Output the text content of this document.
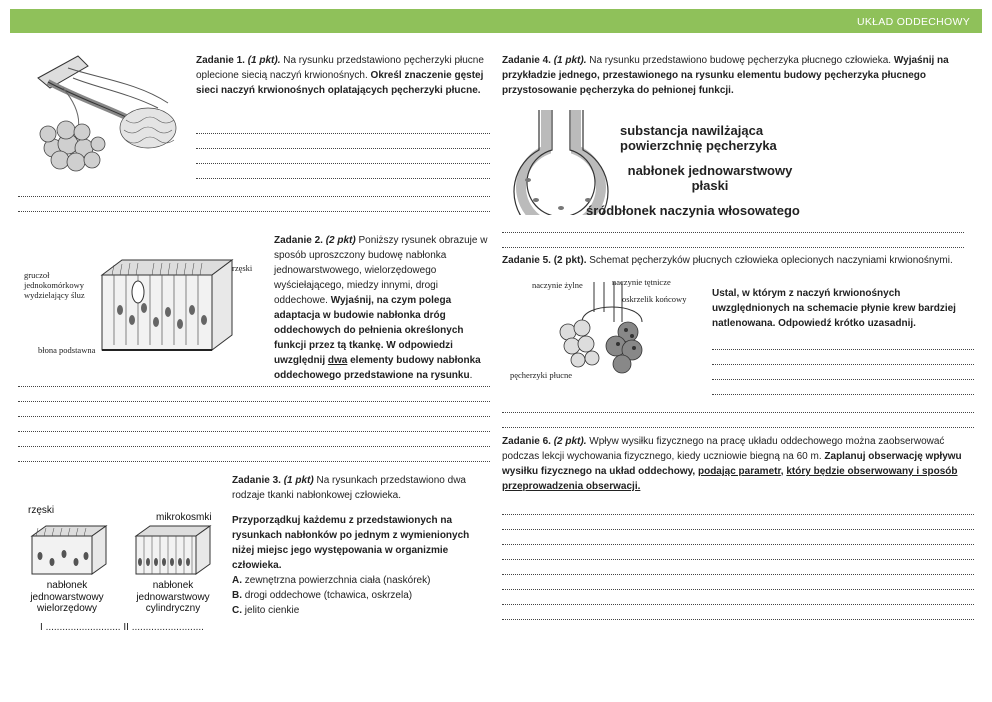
UKŁAD ODDECHOWY
Zadanie 1. (1 pkt). Na rysunku przedstawiono pęcherzyki płucne oplecione siecią naczyń krwionośnych. Określ znaczenie gęstej sieci naczyń krwionośnych oplatających pęcherzyki płucne.
gruczoł jednokomórkowy wydzielający śluz
rzęski
błona podstawna
Zadanie 2. (2 pkt) Poniższy rysunek obrazuje w sposób uproszczony budowę nabłonka jednowarstwowego, wielorzędowego wyściełającego, miedzy innymi, drogi oddechowe. Wyjaśnij, na czym polega adaptacja w budowie nabłonka dróg oddechowych do pełnienia określonych funkcji przez tą tkankę. W odpowiedzi uwzględnij dwa elementy budowy nabłonka oddechowego przedstawione na rysunku.
rzęski
mikrokosmki
nabłonek jednowarstwowy wielorzędowy
nabłonek jednowarstwowy cylindryczny
I ........................... II ..........................
Zadanie 3. (1 pkt) Na rysunkach przedstawiono dwa rodzaje tkanki nabłonkowej człowieka.
Przyporządkuj każdemu z przedstawionych na rysunkach nabłonków po jednym z wymienionych niżej miejsc jego występowania w organizmie człowieka.
A. zewnętrzna powierzchnia ciała (naskórek)
B. drogi oddechowe (tchawica, oskrzela)
C. jelito cienkie
Zadanie 4. (1 pkt). Na rysunku przedstawiono budowę pęcherzyka płucnego człowieka. Wyjaśnij na przykładzie jednego, przestawionego na rysunku elementu budowy pęcherzyka płucnego przystosowanie pęcherzyka do pełnionej funkcji.
substancja nawilżająca powierzchnię pęcherzyka
nabłonek jednowarstwowy płaski
śródbłonek naczynia włosowatego
Zadanie 5. (2 pkt). Schemat pęcherzyków płucnych człowieka oplecionych naczyniami krwionośnymi.
Ustal, w którym z naczyń krwionośnych uwzględnionych na schemacie płynie krew bardziej natlenowana. Odpowiedź krótko uzasadnij.
naczynie żylne	naczynie tętnicze
oskrzelik końcowy
pęcherzyki płucne
Zadanie 6. (2 pkt). Wpływ wysiłku fizycznego na pracę układu oddechowego można zaobserwować podczas lekcji wychowania fizycznego, kiedy uczniowie biegną na 60 m. Zaplanuj obserwację wpływu wysiłku fizycznego na układ oddechowy, podając parametr, który będzie obserwowany i sposób przeprowadzenia obserwacji.
